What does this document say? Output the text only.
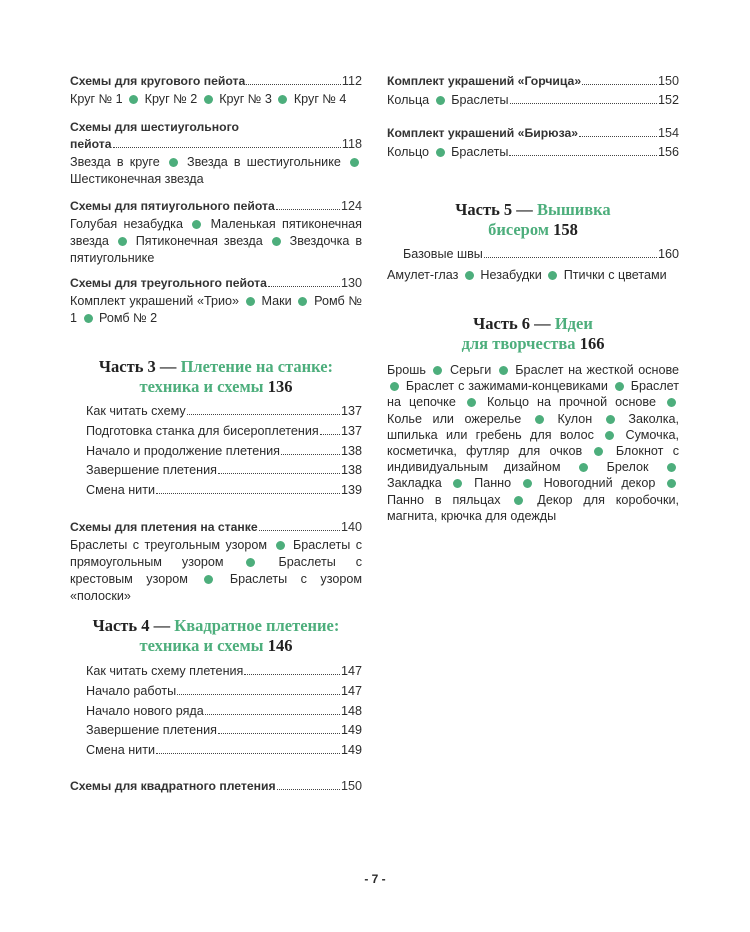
Схемы для кругового пейота	112
Круг № 1 Круг № 2 Круг № 3 Круг № 4
Схемы для шестиугольного
пейота	118
Звезда в круге Звезда в шестиугольнике  Шестиконечная звезда
Схемы для пятиугольного пейота	124
Голубая незабудка Маленькая пятиконечная звезда Пятиконечная звезда Звездочка в пятиугольнике
Схемы для треугольного пейота	130
Комплект украшений «Трио» Маки Ромб № 1 Ромб № 2
Часть 3 — Плетение на станке:
техника и схемы 136
Как читать схему	137
Подготовка станка для бисероплетения 137
Начало и продолжение плетения	138
Завершение плетения	138
Смена нити	139
Схемы для плетения на станке	140
Браслеты с треугольным узором Браслеты с прямоугольным узором	Браслеты с крестовым узором	Браслеты с узором «полоски»
Часть 4 — Квадратное плетение:
техника и схемы 146
Как читать схему плетения	147
Начало работы	147
Начало нового ряда	148
Завершение плетения	149
Смена нити	149
Схемы для квадратного плетения	150
Комплект украшений «Горчица»	150
Кольца Браслеты	152
Комплект украшений «Бирюза»	154
Кольцо Браслеты	156
Часть 5 — Вышивка
бисером 158
Базовые швы	160
Амулет-глаз Незабудки Птички с цветами
Часть 6 — Идеи
для творчества 166
Брошь Серьги Браслет на жесткой основе  Браслет с зажимами-концевиками Браслет на цепочке Кольцо на прочной основе  Колье или ожерелье	Кулон	Заколка, шпилька или гребень для волос	Сумочка, косметичка, футляр для очков	Блокнот с индивидуальным дизайном	Брелок  Закладка	Панно	Новогодний декор  Панно в пяльцах	Декор для коробочки, магнита, крючка для одежды
- 7 -
